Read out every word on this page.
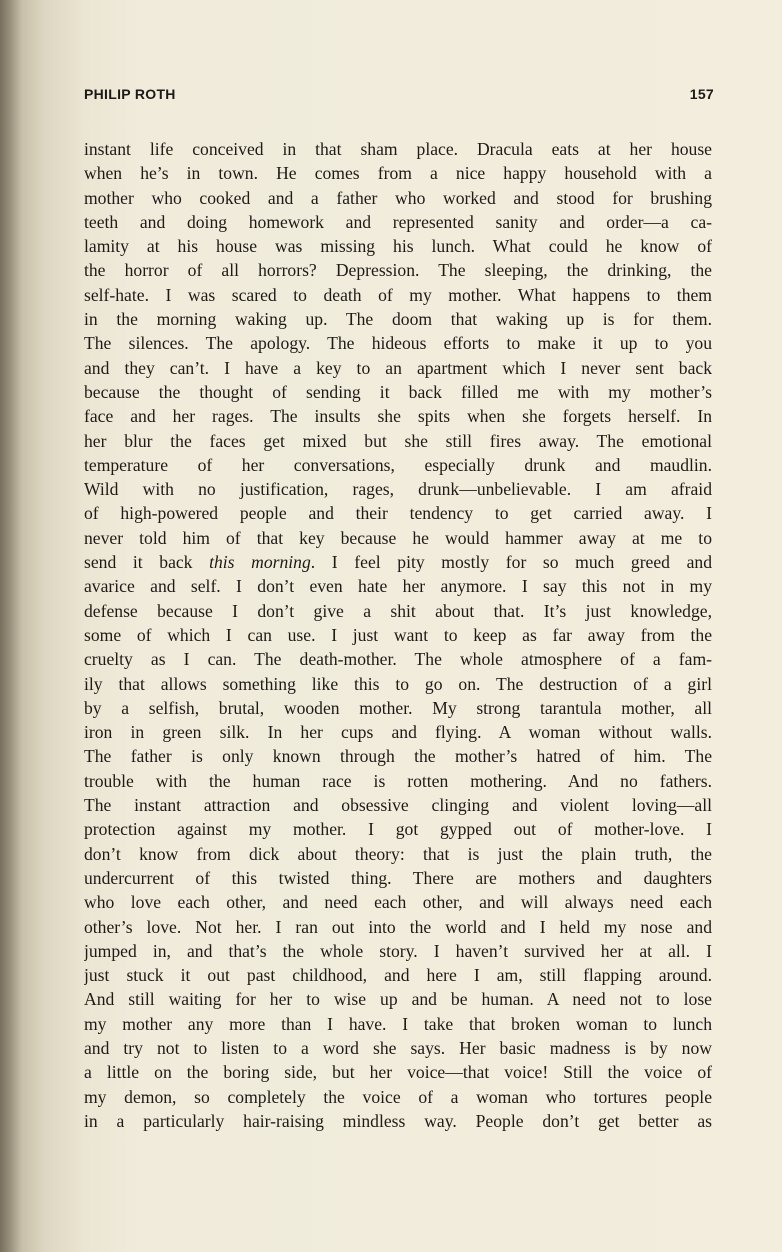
PHILIP ROTH	157
instant life conceived in that sham place. Dracula eats at her house
when he’s in town. He comes from a nice happy household with a
mother who cooked and a father who worked and stood for brushing
teeth and doing homework and represented sanity and order—a ca-
lamity at his house was missing his lunch. What could he know of
the horror of all horrors? Depression. The sleeping, the drinking, the
self-hate. I was scared to death of my mother. What happens to them
in the morning waking up. The doom that waking up is for them.
The silences. The apology. The hideous efforts to make it up to you
and they can’t. I have a key to an apartment which I never sent back
because the thought of sending it back filled me with my mother’s
face and her rages. The insults she spits when she forgets herself. In
her blur the faces get mixed but she still fires away. The emotional
temperature of her conversations, especially drunk and maudlin.
Wild with no justification, rages, drunk—unbelievable. I am afraid
of high-powered people and their tendency to get carried away. I
never told him of that key because he would hammer away at me to
send it back this morning. I feel pity mostly for so much greed and
avarice and self. I don’t even hate her anymore. I say this not in my
defense because I don’t give a shit about that. It’s just knowledge,
some of which I can use. I just want to keep as far away from the
cruelty as I can. The death-mother. The whole atmosphere of a fam-
ily that allows something like this to go on. The destruction of a girl
by a selfish, brutal, wooden mother. My strong tarantula mother, all
iron in green silk. In her cups and flying. A woman without walls.
The father is only known through the mother’s hatred of him. The
trouble with the human race is rotten mothering. And no fathers.
The instant attraction and obsessive clinging and violent loving—all
protection against my mother. I got gypped out of mother-love. I
don’t know from dick about theory: that is just the plain truth, the
undercurrent of this twisted thing. There are mothers and daughters
who love each other, and need each other, and will always need each
other’s love. Not her. I ran out into the world and I held my nose and
jumped in, and that’s the whole story. I haven’t survived her at all. I
just stuck it out past childhood, and here I am, still flapping around.
And still waiting for her to wise up and be human. A need not to lose
my mother any more than I have. I take that broken woman to lunch
and try not to listen to a word she says. Her basic madness is by now
a little on the boring side, but her voice—that voice! Still the voice of
my demon, so completely the voice of a woman who tortures people
in a particularly hair-raising mindless way. People don’t get better as
